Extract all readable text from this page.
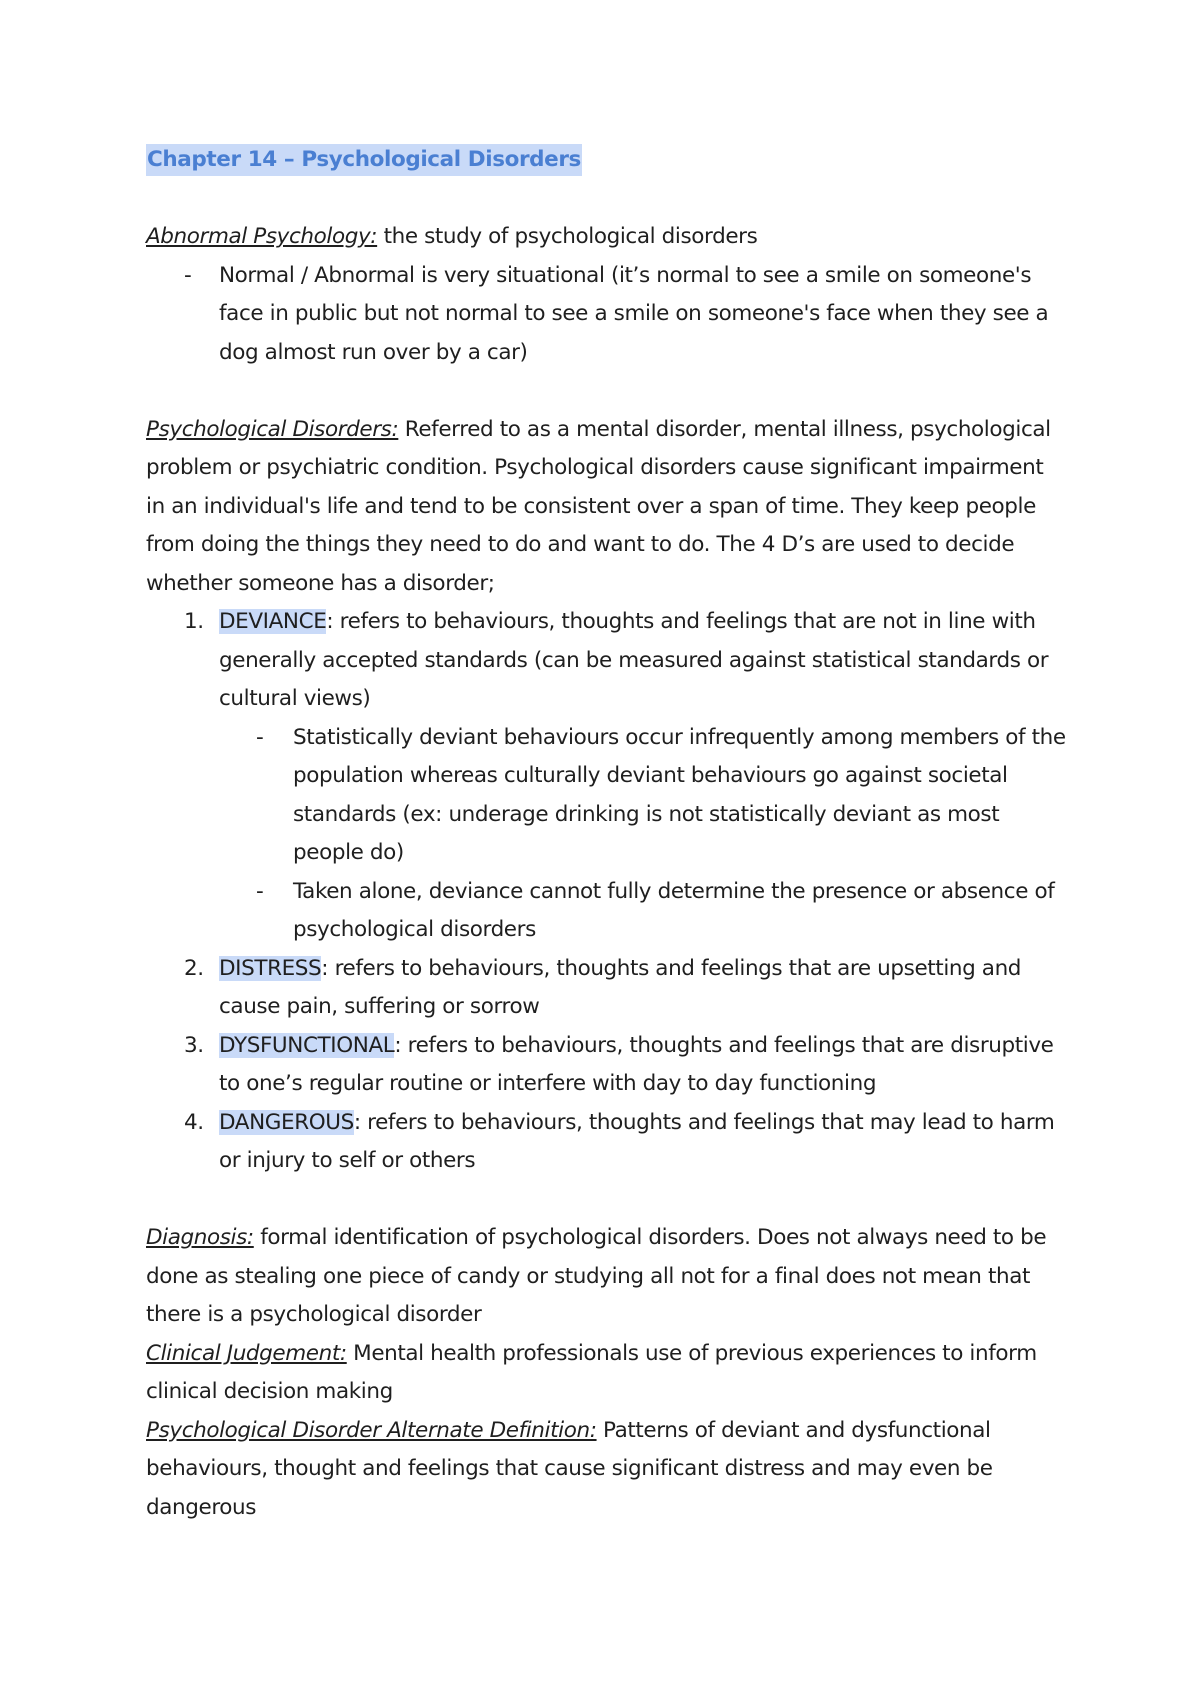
Chapter 14 – Psychological Disorders

Abnormal Psychology: the study of psychological disorders

- Normal / Abnormal is very situational (it’s normal to see a smile on someone's face in public but not normal to see a smile on someone's face when they see a dog almost run over by a car)

Psychological Disorders: Referred to as a mental disorder, mental illness, psychological problem or psychiatric condition. Psychological disorders cause significant impairment in an individual's life and tend to be consistent over a span of time. They keep people from doing the things they need to do and want to do. The 4 D’s are used to decide whether someone has a disorder;

1. DEVIANCE: refers to behaviours, thoughts and feelings that are not in line with generally accepted standards (can be measured against statistical standards or cultural views)
- Statistically deviant behaviours occur infrequently among members of the population whereas culturally deviant behaviours go against societal standards (ex: underage drinking is not statistically deviant as most people do)
- Taken alone, deviance cannot fully determine the presence or absence of psychological disorders
2. DISTRESS: refers to behaviours, thoughts and feelings that are upsetting and cause pain, suffering or sorrow
3. DYSFUNCTIONAL: refers to behaviours, thoughts and feelings that are disruptive to one’s regular routine or interfere with day to day functioning
4. DANGEROUS: refers to behaviours, thoughts and feelings that may lead to harm or injury to self or others

Diagnosis: formal identification of psychological disorders. Does not always need to be done as stealing one piece of candy or studying all not for a final does not mean that there is a psychological disorder

Clinical Judgement: Mental health professionals use of previous experiences to inform clinical decision making

Psychological Disorder Alternate Definition: Patterns of deviant and dysfunctional behaviours, thought and feelings that cause significant distress and may even be dangerous
